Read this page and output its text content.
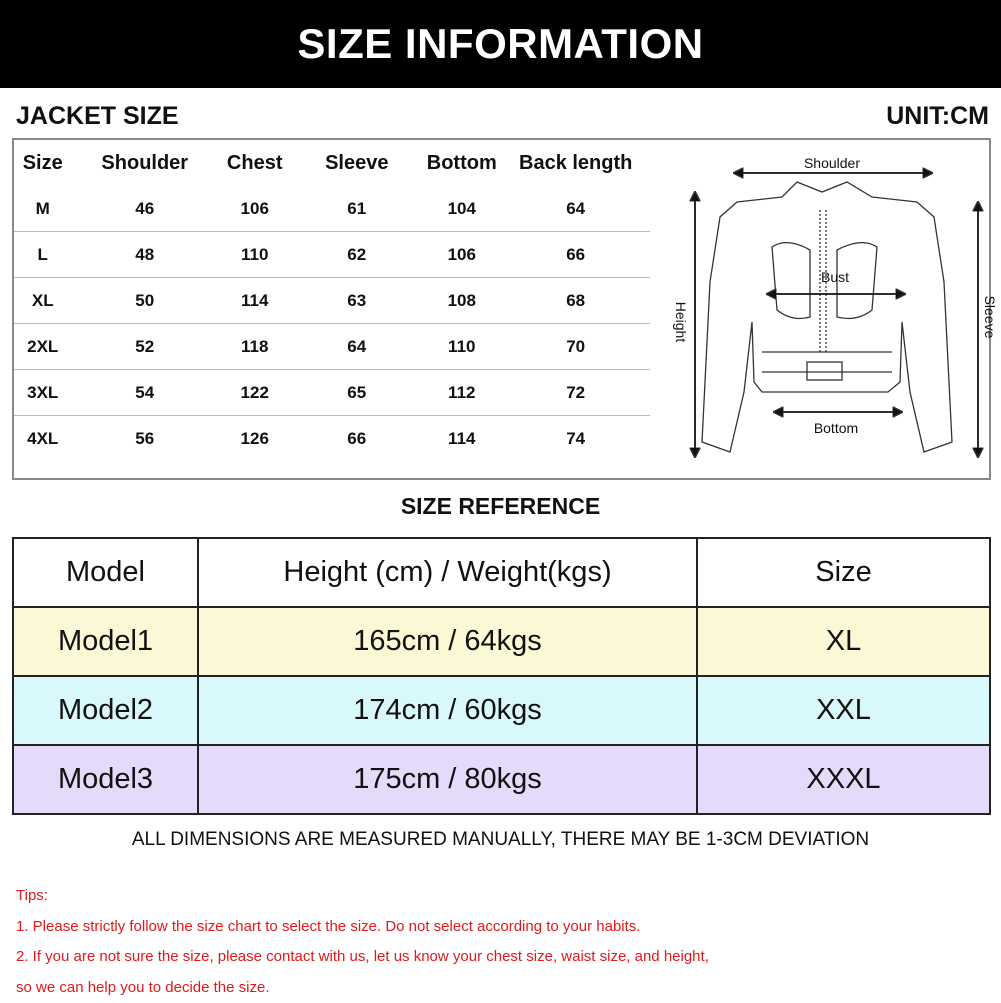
SIZE INFORMATION
JACKET SIZE	UNIT:CM
Size	Shoulder	Chest	Sleeve	Bottom	Back length
M	46	106	61	104	64
L	48	110	62	106	66
XL	50	114	63	108	68
2XL	52	118	64	110	70
3XL	54	122	65	112	72
4XL	56	126	66	114	74
Shoulder
Bust
Bottom
Height	Sleeve
SIZE REFERENCE
Model	Height (cm) / Weight(kgs)	Size
Model1	165cm / 64kgs	XL
Model2	174cm / 60kgs	XXL
Model3	175cm / 80kgs	XXXL
ALL DIMENSIONS ARE MEASURED MANUALLY, THERE MAY BE 1-3CM DEVIATION
Tips:
1. Please strictly follow the size chart to select the size. Do not select according to your habits.
2. If you are not sure the size, please contact with us, let us know your chest size, waist size, and height,
so we can help you to decide the size.
